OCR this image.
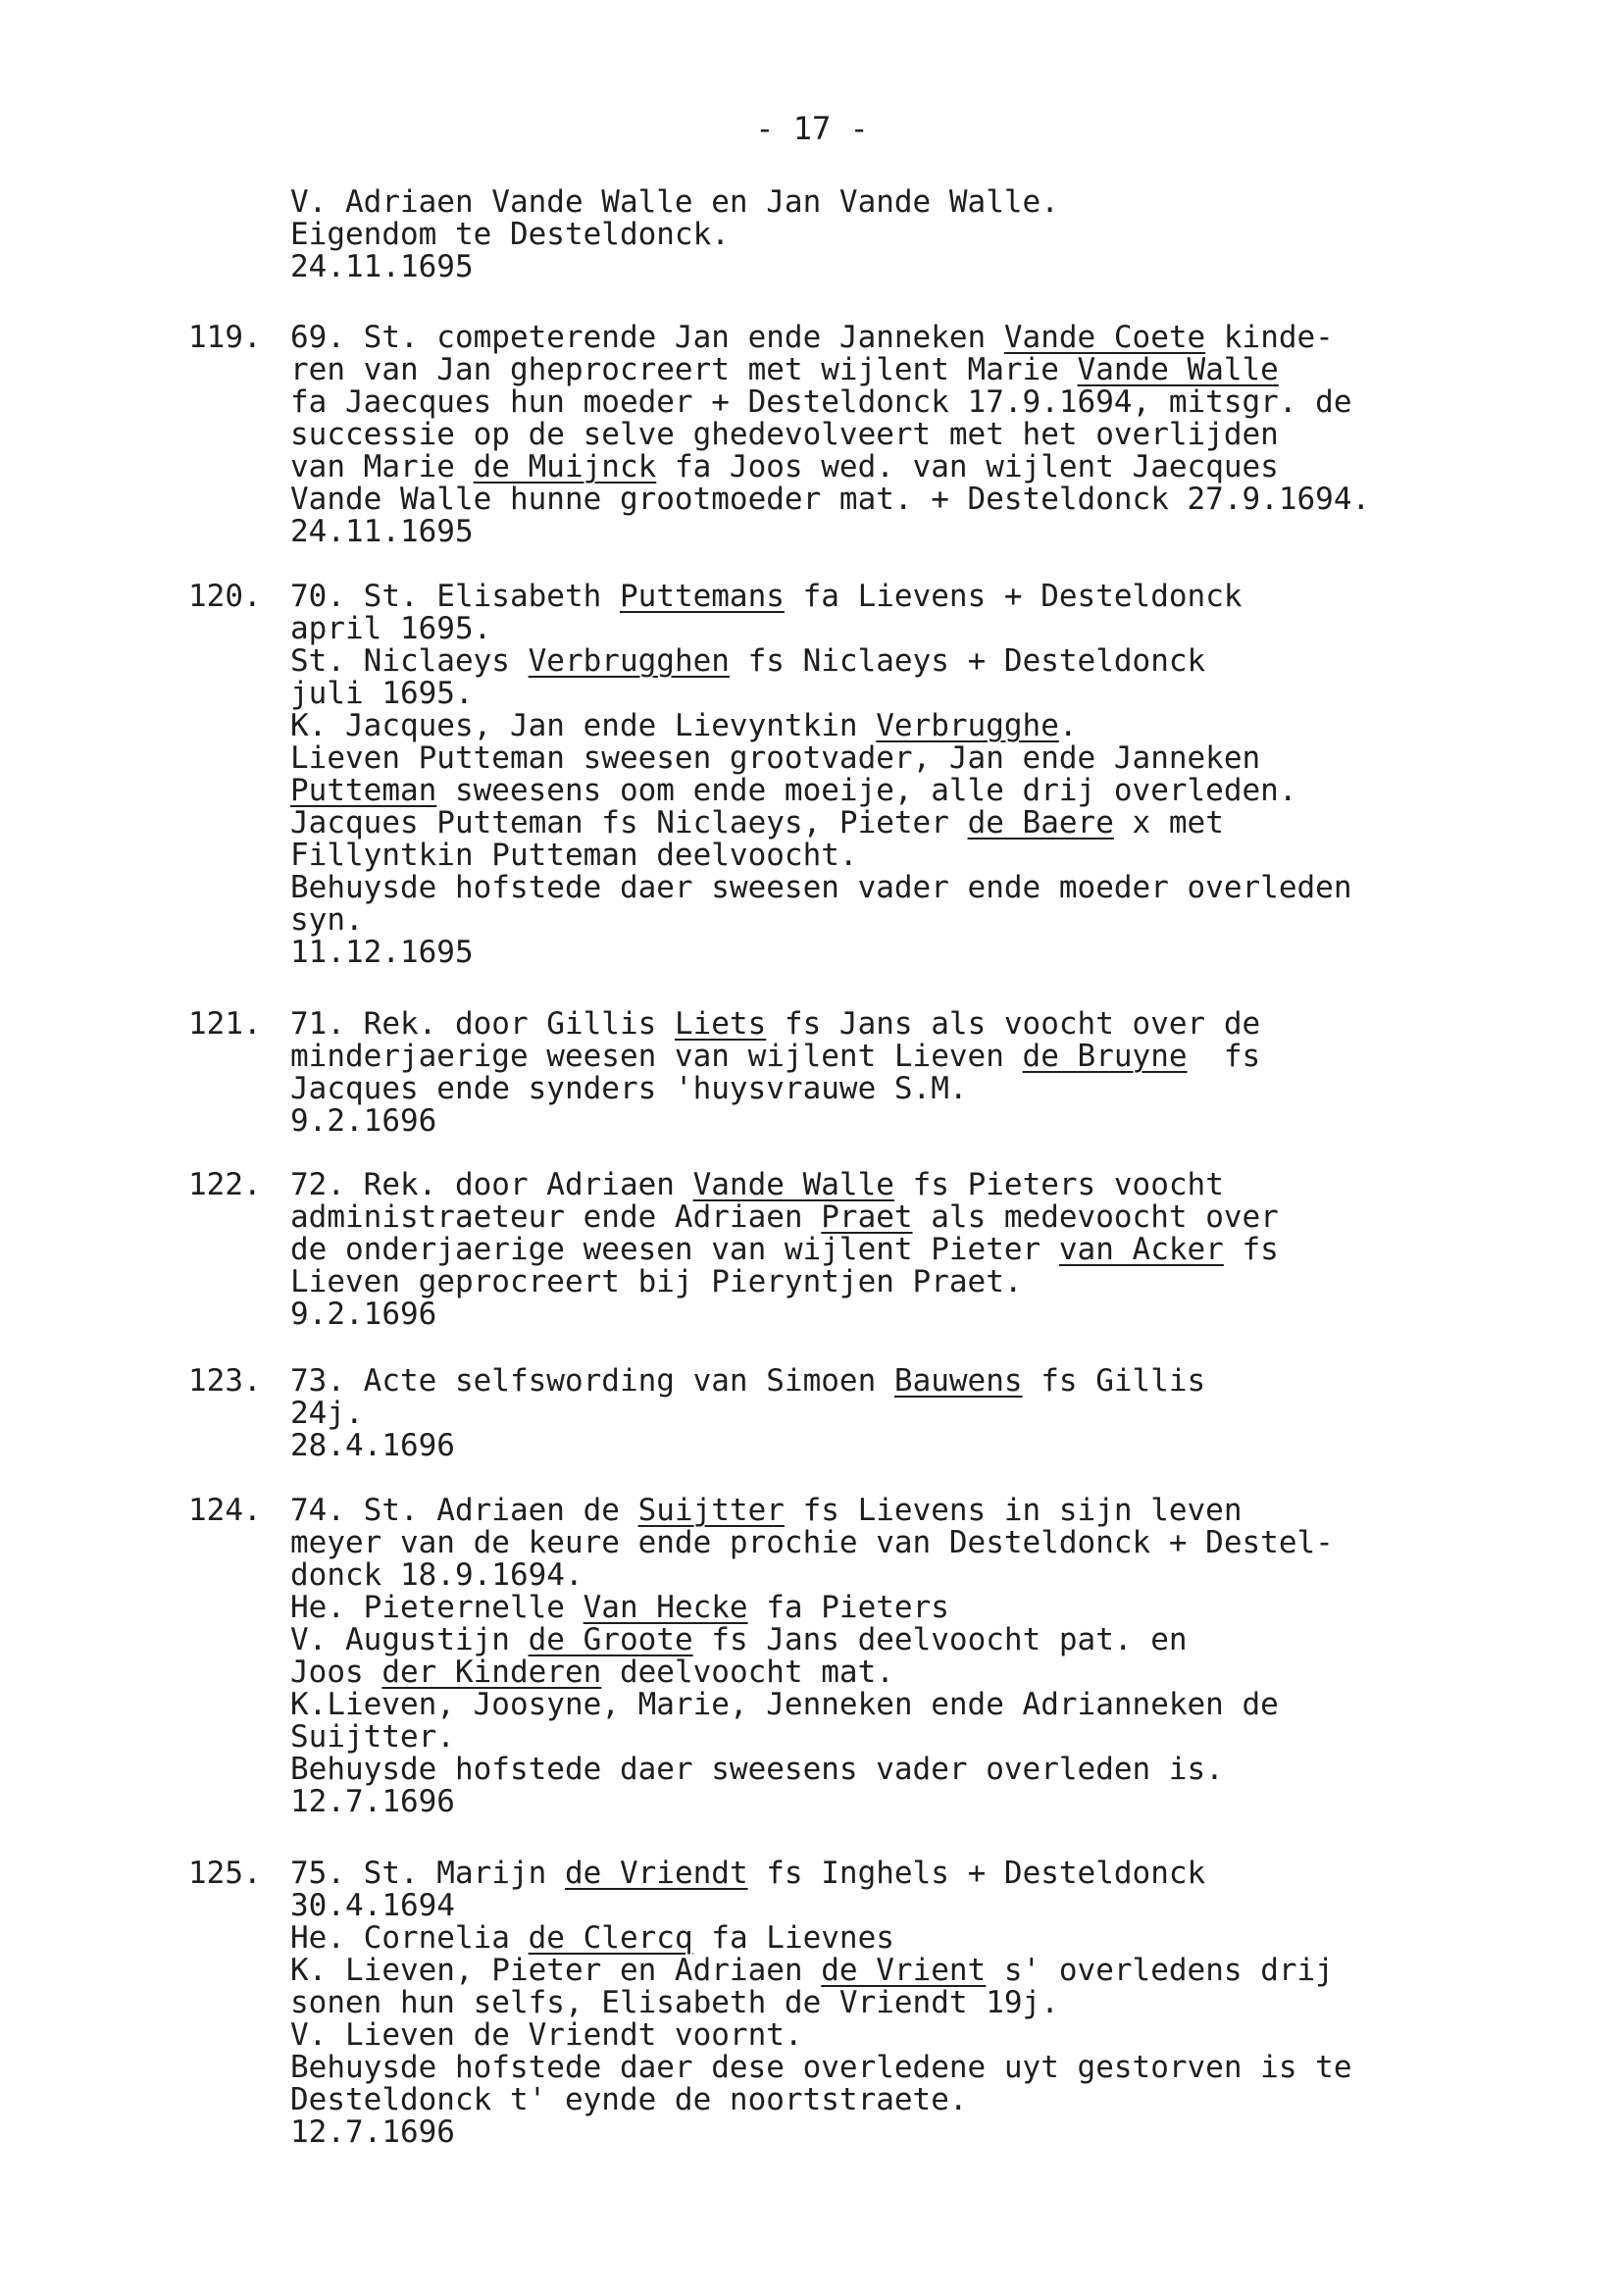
- 17 -
V. Adriaen Vande Walle en Jan Vande Walle.
Eigendom te Desteldonck.
24.11.1695
119. 69. St. competerende Jan ende Janneken Vande Coete kinde-
ren van Jan gheprocreert met wijlent Marie Vande Walle
fa Jaecques hun moeder + Desteldonck 17.9.1694, mitsgr. de
successie op de selve ghedevolveert met het overlijden
van Marie de Muijnck fa Joos wed. van wijlent Jaecques
Vande Walle hunne grootmoeder mat. + Desteldonck 27.9.1694.
24.11.1695
120. 70. St. Elisabeth Puttemans fa Lievens + Desteldonck
april 1695.
St. Niclaeys Verbrugghen fs Niclaeys + Desteldonck
juli 1695.
K. Jacques, Jan ende Lievyntkin Verbrugghe.
Lieven Putteman sweesen grootvader, Jan ende Janneken
Putteman sweesens oom ende moeije, alle drij overleden.
Jacques Putteman fs Niclaeys, Pieter de Baere x met
Fillyntkin Putteman deelvoocht.
Behuysde hofstede daer sweesen vader ende moeder overleden
syn.
11.12.1695
121. 71. Rek. door Gillis Liets fs Jans als voocht over de
minderjaerige weesen van wijlent Lieven de Bruyne  fs
Jacques ende synders 'huysvrauwe S.M.
9.2.1696
122. 72. Rek. door Adriaen Vande Walle fs Pieters voocht
administraeteur ende Adriaen Praet als medevoocht over
de onderjaerige weesen van wijlent Pieter van Acker fs
Lieven geprocreert bij Pieryntjen Praet.
9.2.1696
123. 73. Acte selfswording van Simoen Bauwens fs Gillis
24j.
28.4.1696
124. 74. St. Adriaen de Suijtter fs Lievens in sijn leven
meyer van de keure ende prochie van Desteldonck + Destel-
donck 18.9.1694.
He. Pieternelle Van Hecke fa Pieters
V. Augustijn de Groote fs Jans deelvoocht pat. en
Joos der Kinderen deelvoocht mat.
K.Lieven, Joosyne, Marie, Jenneken ende Adrianneken de
Suijtter.
Behuysde hofstede daer sweesens vader overleden is.
12.7.1696
125. 75. St. Marijn de Vriendt fs Inghels + Desteldonck
30.4.1694
He. Cornelia de Clercq fa Lievnes
K. Lieven, Pieter en Adriaen de Vrient s' overledens drij
sonen hun selfs, Elisabeth de Vriendt 19j.
V. Lieven de Vriendt voornt.
Behuysde hofstede daer dese overledene uyt gestorven is te
Desteldonck t' eynde de noortstraete.
12.7.1696
